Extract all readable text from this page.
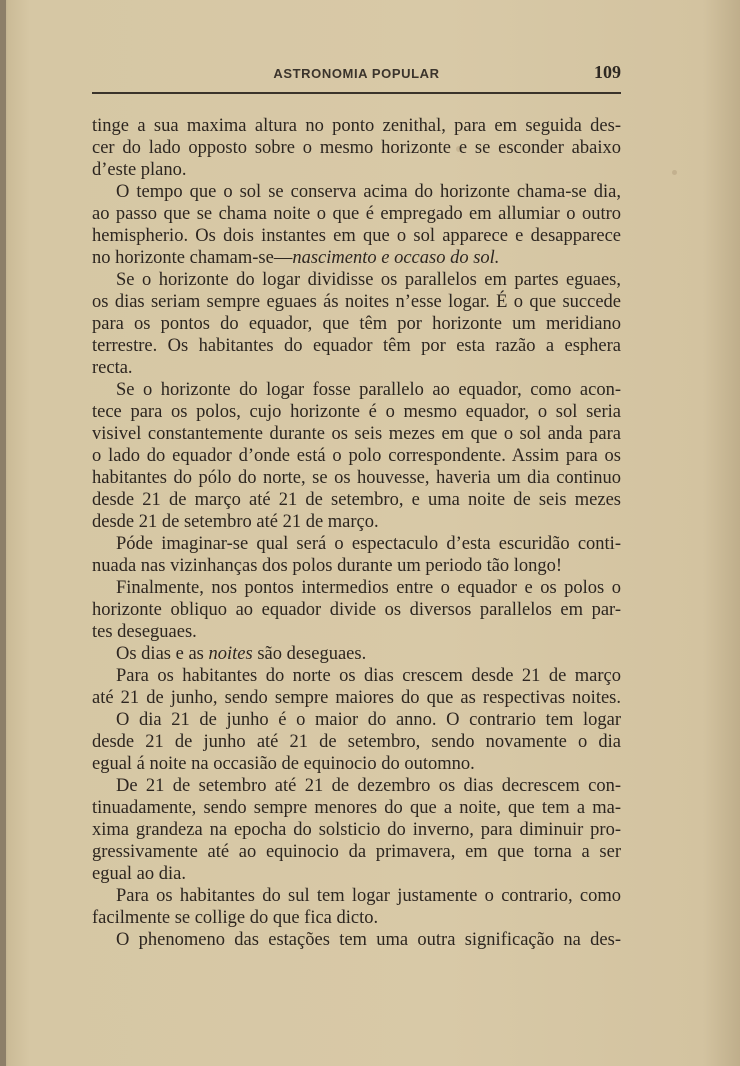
ASTRONOMIA POPULAR	109
tinge a sua maxima altura no ponto zenithal, para em seguida des-
cer do lado opposto sobre o mesmo horizonte e se esconder abaixo
d’este plano.
O tempo que o sol se conserva acima do horizonte chama-se dia,
ao passo que se chama noite o que é empregado em allumiar o outro
hemispherio. Os dois instantes em que o sol apparece e desapparece
no horizonte chamam-se—nascimento e occaso do sol.
Se o horizonte do logar dividisse os parallelos em partes eguaes,
os dias seriam sempre eguaes ás noites n’esse logar. É o que succede
para os pontos do equador, que têm por horizonte um meridiano
terrestre. Os habitantes do equador têm por esta razão a esphera
recta.
Se o horizonte do logar fosse parallelo ao equador, como acon-
tece para os polos, cujo horizonte é o mesmo equador, o sol seria
visivel constantemente durante os seis mezes em que o sol anda para
o lado do equador d’onde está o polo correspondente. Assim para os
habitantes do pólo do norte, se os houvesse, haveria um dia continuo
desde 21 de março até 21 de setembro, e uma noite de seis mezes
desde 21 de setembro até 21 de março.
Póde imaginar-se qual será o espectaculo d’esta escuridão conti-
nuada nas vizinhanças dos polos durante um periodo tão longo!
Finalmente, nos pontos intermedios entre o equador e os polos o
horizonte obliquo ao equador divide os diversos parallelos em par-
tes deseguaes.
Os dias e as noites são deseguaes.
Para os habitantes do norte os dias crescem desde 21 de março
até 21 de junho, sendo sempre maiores do que as respectivas noites.
O dia 21 de junho é o maior do anno. O contrario tem logar
desde 21 de junho até 21 de setembro, sendo novamente o dia
egual á noite na occasião de equinocio do outomno.
De 21 de setembro até 21 de dezembro os dias decrescem con-
tinuadamente, sendo sempre menores do que a noite, que tem a ma-
xima grandeza na epocha do solsticio do inverno, para diminuir pro-
gressivamente até ao equinocio da primavera, em que torna a ser
egual ao dia.
Para os habitantes do sul tem logar justamente o contrario, como
facilmente se collige do que fica dicto.
O phenomeno das estações tem uma outra significação na des-
